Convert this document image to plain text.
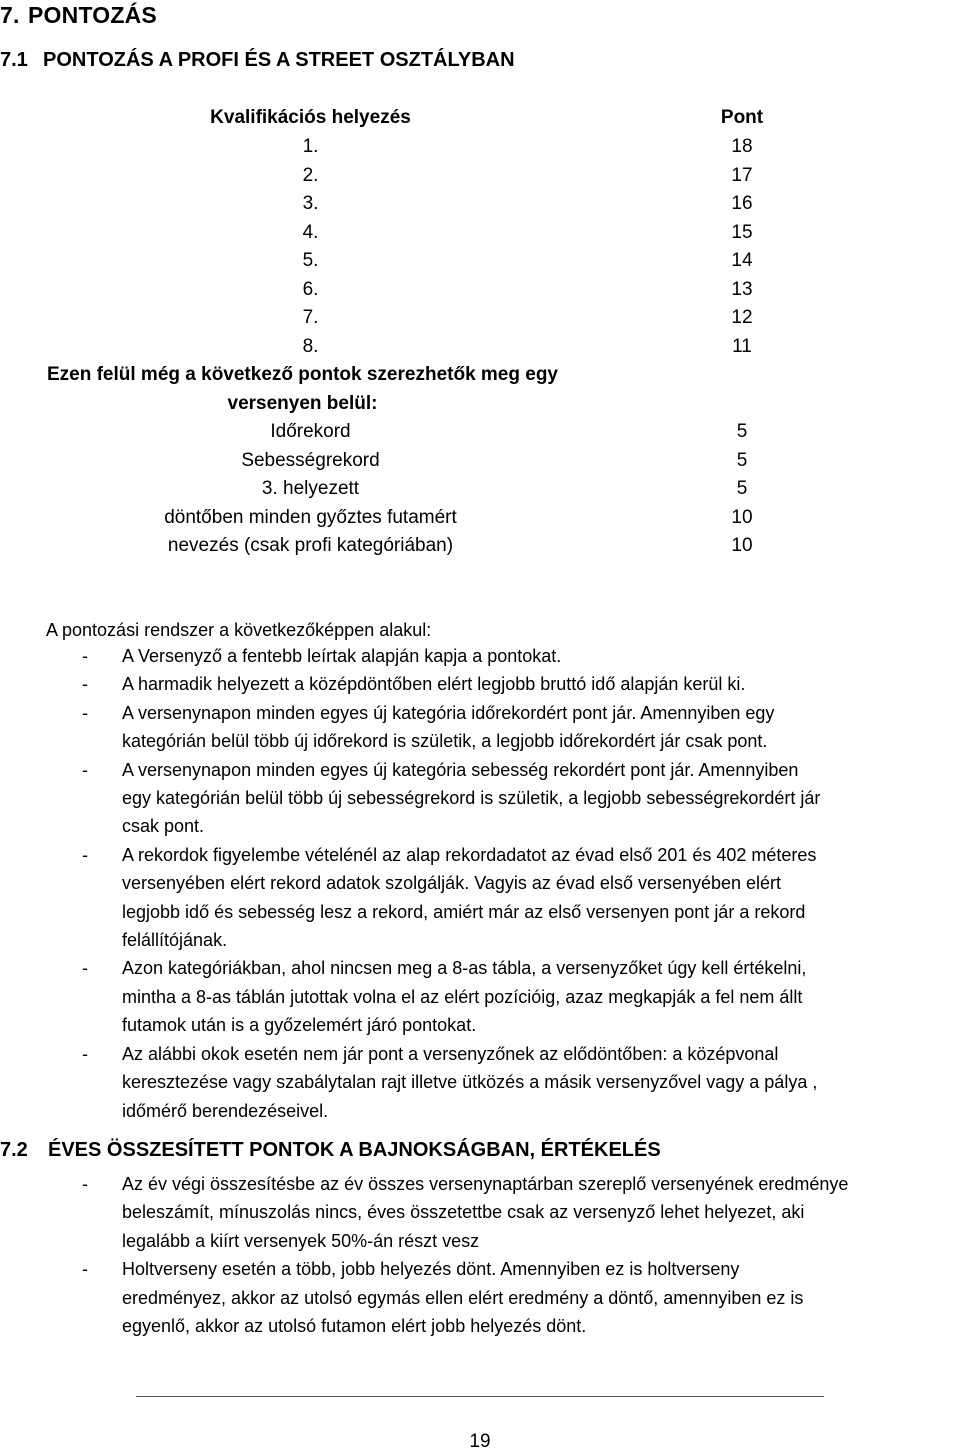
7. PONTOZÁS
7.1 PONTOZÁS A PROFI ÉS A STREET OSZTÁLYBAN
Kvalifikációs helyezés	Pont
1.	18
2.	17
3.	16
4.	15
5.	14
6.	13
7.	12
8.	11
Ezen felül még a következő pontok szerezhetők meg egy
versenyen belül:
Időrekord	5
Sebességrekord	5
3. helyezett	5
döntőben minden győztes futamért	10
nevezés (csak profi kategóriában)	10
A pontozási rendszer a következőképpen alakul:
- A Versenyző a fentebb leírtak alapján kapja a pontokat.
- A harmadik helyezett a középdöntőben elért legjobb bruttó idő alapján kerül ki.
- A versenynapon minden egyes új kategória időrekordért pont jár. Amennyiben egy
kategórián belül több új időrekord is születik, a legjobb időrekordért jár csak pont.
- A versenynapon minden egyes új kategória sebesség rekordért pont jár. Amennyiben
egy kategórián belül több új sebességrekord is születik, a legjobb sebességrekordért jár
csak pont.
- A rekordok figyelembe vételénél az alap rekordadatot az évad első 201 és 402 méteres
versenyében elért rekord adatok szolgálják. Vagyis az évad első versenyében elért
legjobb idő és sebesség lesz a rekord, amiért már az első versenyen pont jár a rekord
felállítójának.
- Azon kategóriákban, ahol nincsen meg a 8-as tábla, a versenyzőket úgy kell értékelni,
mintha a 8-as táblán jutottak volna el az elért pozícióig, azaz megkapják a fel nem állt
futamok után is a győzelemért járó pontokat.
- Az alábbi okok esetén nem jár pont a versenyzőnek az elődöntőben: a középvonal
keresztezése vagy szabálytalan rajt illetve ütközés a másik versenyzővel vagy a pálya ,
időmérő berendezéseivel.
7.2 ÉVES ÖSSZESÍTETT PONTOK A BAJNOKSÁGBAN, ÉRTÉKELÉS
- Az év végi összesítésbe az év összes versenynaptárban szereplő versenyének eredménye
beleszámít, mínuszolás nincs, éves összetettbe csak az versenyző lehet helyezet, aki
legalább a kiírt versenyek 50%-án részt vesz
- Holtverseny esetén a több, jobb helyezés dönt. Amennyiben ez is holtverseny
eredményez, akkor az utolsó egymás ellen elért eredmény a döntő, amennyiben ez is
egyenlő, akkor az utolsó futamon elért jobb helyezés dönt.
19
